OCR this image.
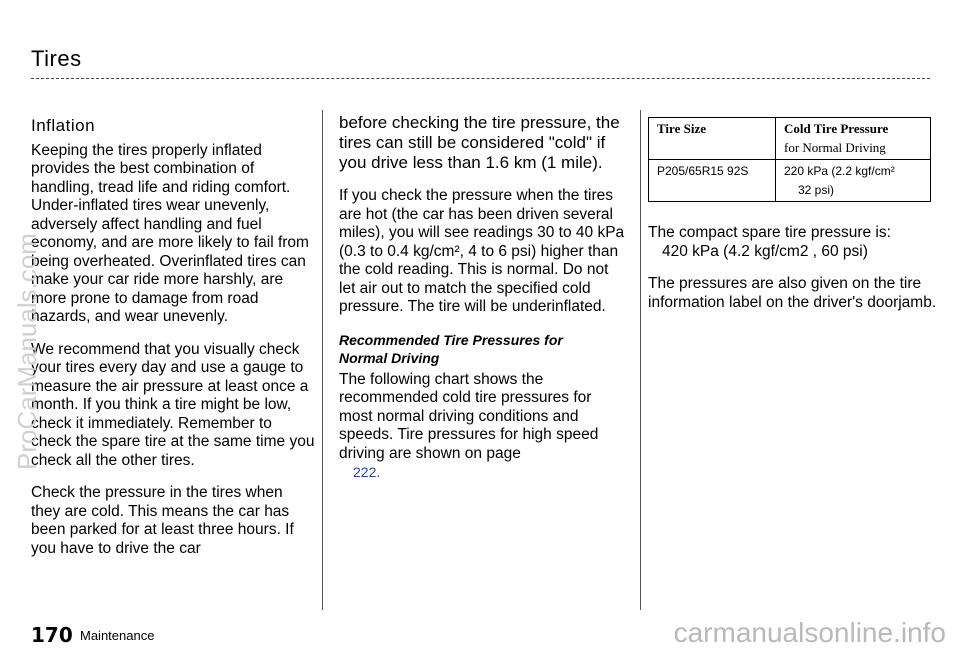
Tires
Inflation

Keeping the tires properly inflated provides the best combination of handling, tread life and riding comfort. Under-inflated tires wear unevenly, adversely affect handling and fuel economy, and are more likely to fail from being overheated. Overinflated tires can make your car ride more harshly, are more prone to damage from road hazards, and wear unevenly.

We recommend that you visually check your tires every day and use a gauge to measure the air pressure at least once a month. If you think a tire might be low, check it immediately. Remember to check the spare tire at the same time you check all the other tires.

Check the pressure in the tires when they are cold. This means the car has been parked for at least three hours. If you have to drive the car

before checking the tire pressure, the tires can still be considered "cold" if you drive less than 1.6 km (1 mile).

If you check the pressure when the tires are hot (the car has been driven several miles), you will see readings 30 to 40 kPa (0.3 to 0.4 kg/cm², 4 to 6 psi) higher than the cold reading. This is normal. Do not let air out to match the specified cold pressure. The tire will be underinflated.

Recommended Tire Pressures for
Normal Driving

The following chart shows the recommended cold tire pressures for most normal driving conditions and speeds. Tire pressures for high speed driving are shown on page
222.

Tire Size	Cold Tire Pressure
for Normal Driving
P205/65R15 92S	220 kPa (2.2 kgf/cm²
32 psi)

The compact spare tire pressure is:
420 kPa (4.2 kgf/cm2 , 60 psi)

The pressures are also given on the tire information label on the driver's doorjamb.

170 Maintenance	carmanualsonline.info
ProCarManuals.com
